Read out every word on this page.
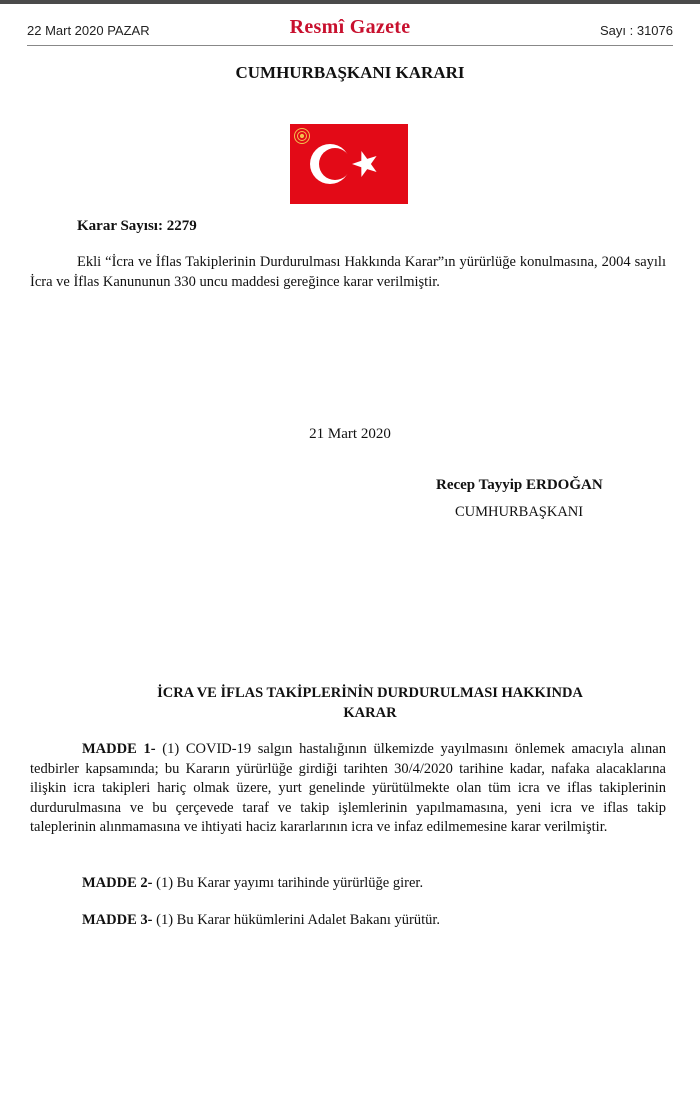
22 Mart 2020 PAZAR	Resmî Gazete	Sayı : 31076
CUMHURBAŞKANI KARARI
Karar Sayısı: 2279
Ekli “İcra ve İflas Takiplerinin Durdurulması Hakkında Karar”ın yürürlüğe konulmasına, 2004 sayılı İcra ve İflas Kanununun 330 uncu maddesi gereğince karar verilmiştir.
21 Mart 2020
Recep Tayyip ERDOĞAN
CUMHURBAŞKANI
İCRA VE İFLAS TAKİPLERİNİN DURDURULMASI HAKKINDA
KARAR
MADDE 1- (1) COVID-19 salgın hastalığının ülkemizde yayılmasını önlemek amacıyla alınan tedbirler kapsamında; bu Kararın yürürlüğe girdiği tarihten 30/4/2020 tarihine kadar, nafaka alacaklarına ilişkin icra takipleri hariç olmak üzere, yurt genelinde yürütülmekte olan tüm icra ve iflas takiplerinin durdurulmasına ve bu çerçevede taraf ve takip işlemlerinin yapılmamasına, yeni icra ve iflas takip taleplerinin alınmamasına ve ihtiyati haciz kararlarının icra ve infaz edilmemesine karar verilmiştir.
MADDE 2- (1) Bu Karar yayımı tarihinde yürürlüğe girer.
MADDE 3- (1) Bu Karar hükümlerini Adalet Bakanı yürütür.
